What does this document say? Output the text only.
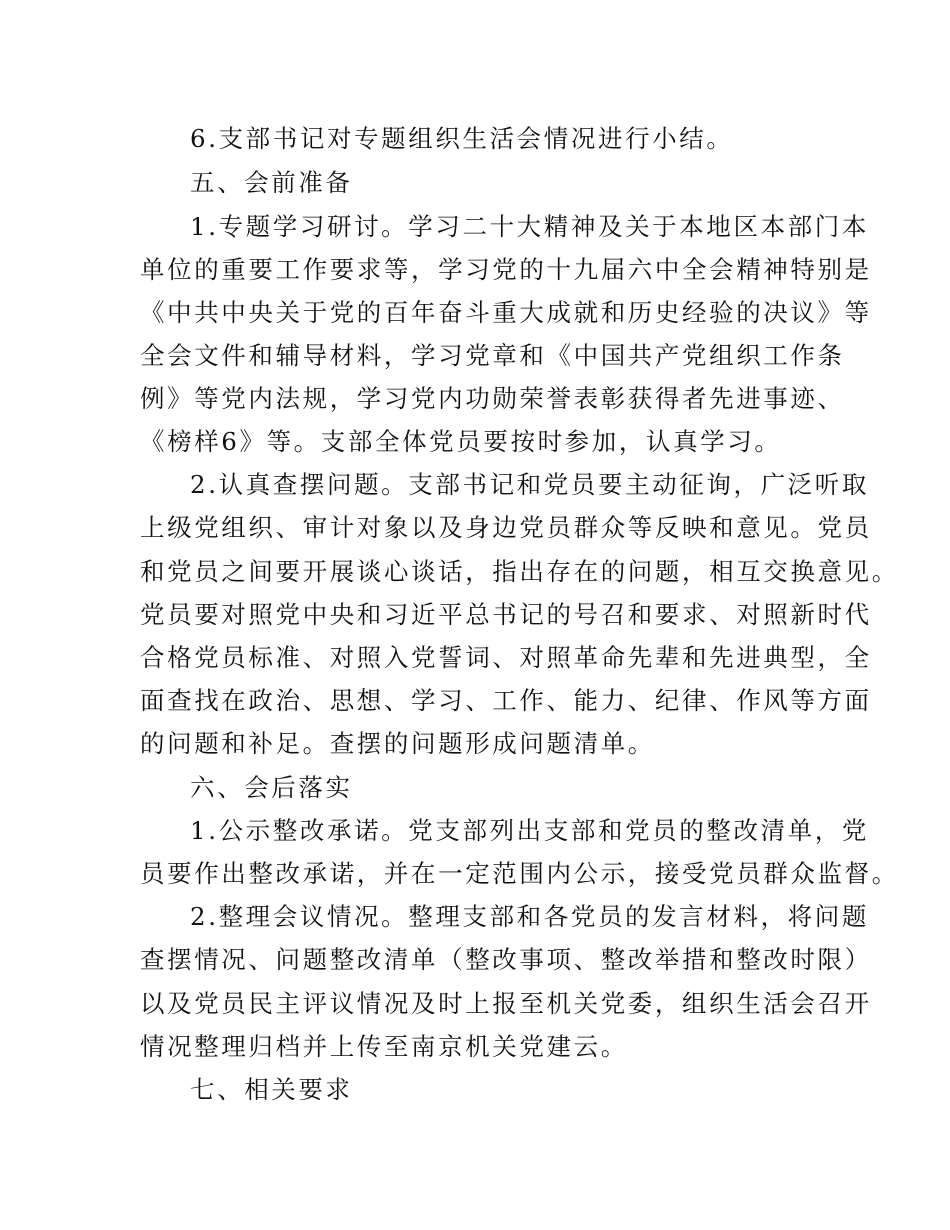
6.支部书记对专题组织生活会情况进行小结。
五、会前准备
1.专题学习研讨。学习二十大精神及关于本地区本部门本
单位的重要工作要求等，学习党的十九届六中全会精神特别是
《中共中央关于党的百年奋斗重大成就和历史经验的决议》等
全会文件和辅导材料，学习党章和《中国共产党组织工作条
例》等党内法规，学习党内功勋荣誉表彰获得者先进事迹、
《榜样6》等。支部全体党员要按时参加，认真学习。
2.认真查摆问题。支部书记和党员要主动征询，广泛听取
上级党组织、审计对象以及身边党员群众等反映和意见。党员
和党员之间要开展谈心谈话，指出存在的问题，相互交换意见。
党员要对照党中央和习近平总书记的号召和要求、对照新时代
合格党员标准、对照入党誓词、对照革命先辈和先进典型，全
面查找在政治、思想、学习、工作、能力、纪律、作风等方面
的问题和补足。查摆的问题形成问题清单。
六、会后落实
1.公示整改承诺。党支部列出支部和党员的整改清单，党
员要作出整改承诺，并在一定范围内公示，接受党员群众监督。
2.整理会议情况。整理支部和各党员的发言材料，将问题
查摆情况、问题整改清单（整改事项、整改举措和整改时限）
以及党员民主评议情况及时上报至机关党委，组织生活会召开
情况整理归档并上传至南京机关党建云。
七、相关要求
